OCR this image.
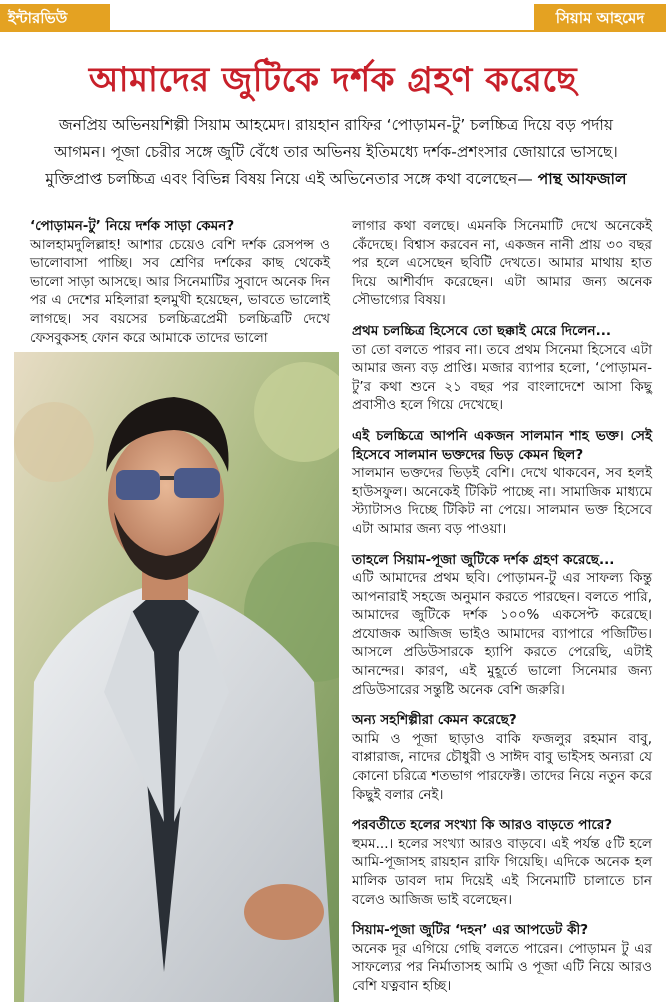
ইন্টারভিউ	সিয়াম আহমেদ
আমাদের জুটিকে দর্শক গ্রহণ করেছে
জনপ্রিয় অভিনয়শিল্পী সিয়াম আহমেদ। রায়হান রাফির ‘পোড়ামন-টু’ চলচ্চিত্র দিয়ে বড় পর্দায় আগমন। পূজা চেরীর সঙ্গে জুটি বেঁধে তার অভিনয় ইতিমধ্যে দর্শক-প্রশংসার জোয়ারে ভাসছে। মুক্তিপ্রাপ্ত চলচ্চিত্র এবং বিভিন্ন বিষয় নিয়ে এই অভিনেতার সঙ্গে কথা বলেছেন— পান্থ আফজাল

‘পোড়ামন-টু’ নিয়ে দর্শক সাড়া কেমন?

আলহামদুলিল্লাহ! আশার চেয়েও বেশি দর্শক রেসপন্স ও ভালোবাসা পাচ্ছি। সব শ্রেণির দর্শকের কাছ থেকেই ভালো সাড়া আসছে। আর সিনেমাটির সুবাদে অনেক দিন পর এ দেশের মহিলারা হলমুখী হয়েছেন, ভাবতে ভালোই লাগছে। সব বয়সের চলচ্চিত্রপ্রেমী চলচ্চিত্রটি দেখে ফেসবুকসহ ফোন করে আমাকে তাদের ভালো

লাগার কথা বলছে। এমনকি সিনেমাটি দেখে অনেকেই কেঁদেছে। বিশ্বাস করবেন না, একজন নানী প্রায় ৩০ বছর পর হলে এসেছেন ছবিটি দেখতে। আমার মাথায় হাত দিয়ে আশীর্বাদ করেছেন। এটা আমার জন্য অনেক সৌভাগ্যের বিষয়।

প্রথম চলচ্চিত্র হিসেবে তো ছক্কাই মেরে দিলেন...

তা তো বলতে পারব না। তবে প্রথম সিনেমা হিসেবে এটা আমার জন্য বড় প্রাপ্তি। মজার ব্যাপার হলো, ‘পোড়ামন-টু’র কথা শুনে ২১ বছর পর বাংলাদেশে আসা কিছু প্রবাসীও হলে গিয়ে দেখেছে।

এই চলচ্চিত্রে আপনি একজন সালমান শাহ ভক্ত। সেই হিসেবে সালমান ভক্তদের ভিড় কেমন ছিল?

সালমান ভক্তদের ভিড়ই বেশি। দেখে থাকবেন, সব হলই হাউসফুল। অনেকেই টিকিট পাচ্ছে না। সামাজিক মাধ্যমে স্ট্যাটাসও দিচ্ছে টিকিট না পেয়ে। সালমান ভক্ত হিসেবে এটা আমার জন্য বড় পাওয়া।

তাহলে সিয়াম-পূজা জুটিকে দর্শক গ্রহণ করেছে...

এটি আমাদের প্রথম ছবি। পোড়ামন-টু এর সাফল্য কিন্তু আপনারাই সহজে অনুমান করতে পারছেন। বলতে পারি, আমাদের জুটিকে দর্শক ১০০% একসেপ্ট করেছে। প্রযোজক আজিজ ভাইও আমাদের ব্যাপারে পজিটিভ। আসলে প্রডিউসারকে হ্যাপি করতে পেরেছি, এটাই আনন্দের। কারণ, এই মুহূর্তে ভালো সিনেমার জন্য প্রডিউসারের সন্তুষ্টি অনেক বেশি জরুরি।

অন্য সহশিল্পীরা কেমন করেছে?

আমি ও পূজা ছাড়াও বাকি ফজলুর রহমান বাবু, বাপ্পারাজ, নাদের চৌধুরী ও সাঈদ বাবু ভাইসহ অন্যরা যে কোনো চরিত্রে শতভাগ পারফেক্ট। তাদের নিয়ে নতুন করে কিছুই বলার নেই।

পরবর্তীতে হলের সংখ্যা কি আরও বাড়তে পারে?

হুমম...। হলের সংখ্যা আরও বাড়বে। এই পর্যন্ত ৫টি হলে আমি-পূজাসহ রায়হান রাফি গিয়েছি। এদিকে অনেক হল মালিক ডাবল দাম দিয়েই এই সিনেমাটি চালাতে চান বলেও আজিজ ভাই বলেছেন।

সিয়াম-পূজা জুটির ‘দহন’ এর আপডেট কী?

অনেক দূর এগিয়ে গেছি বলতে পারেন। পোড়ামন টু এর সাফল্যের পর নির্মাতাসহ আমি ও পূজা এটি নিয়ে আরও বেশি যত্নবান হচ্ছি।
